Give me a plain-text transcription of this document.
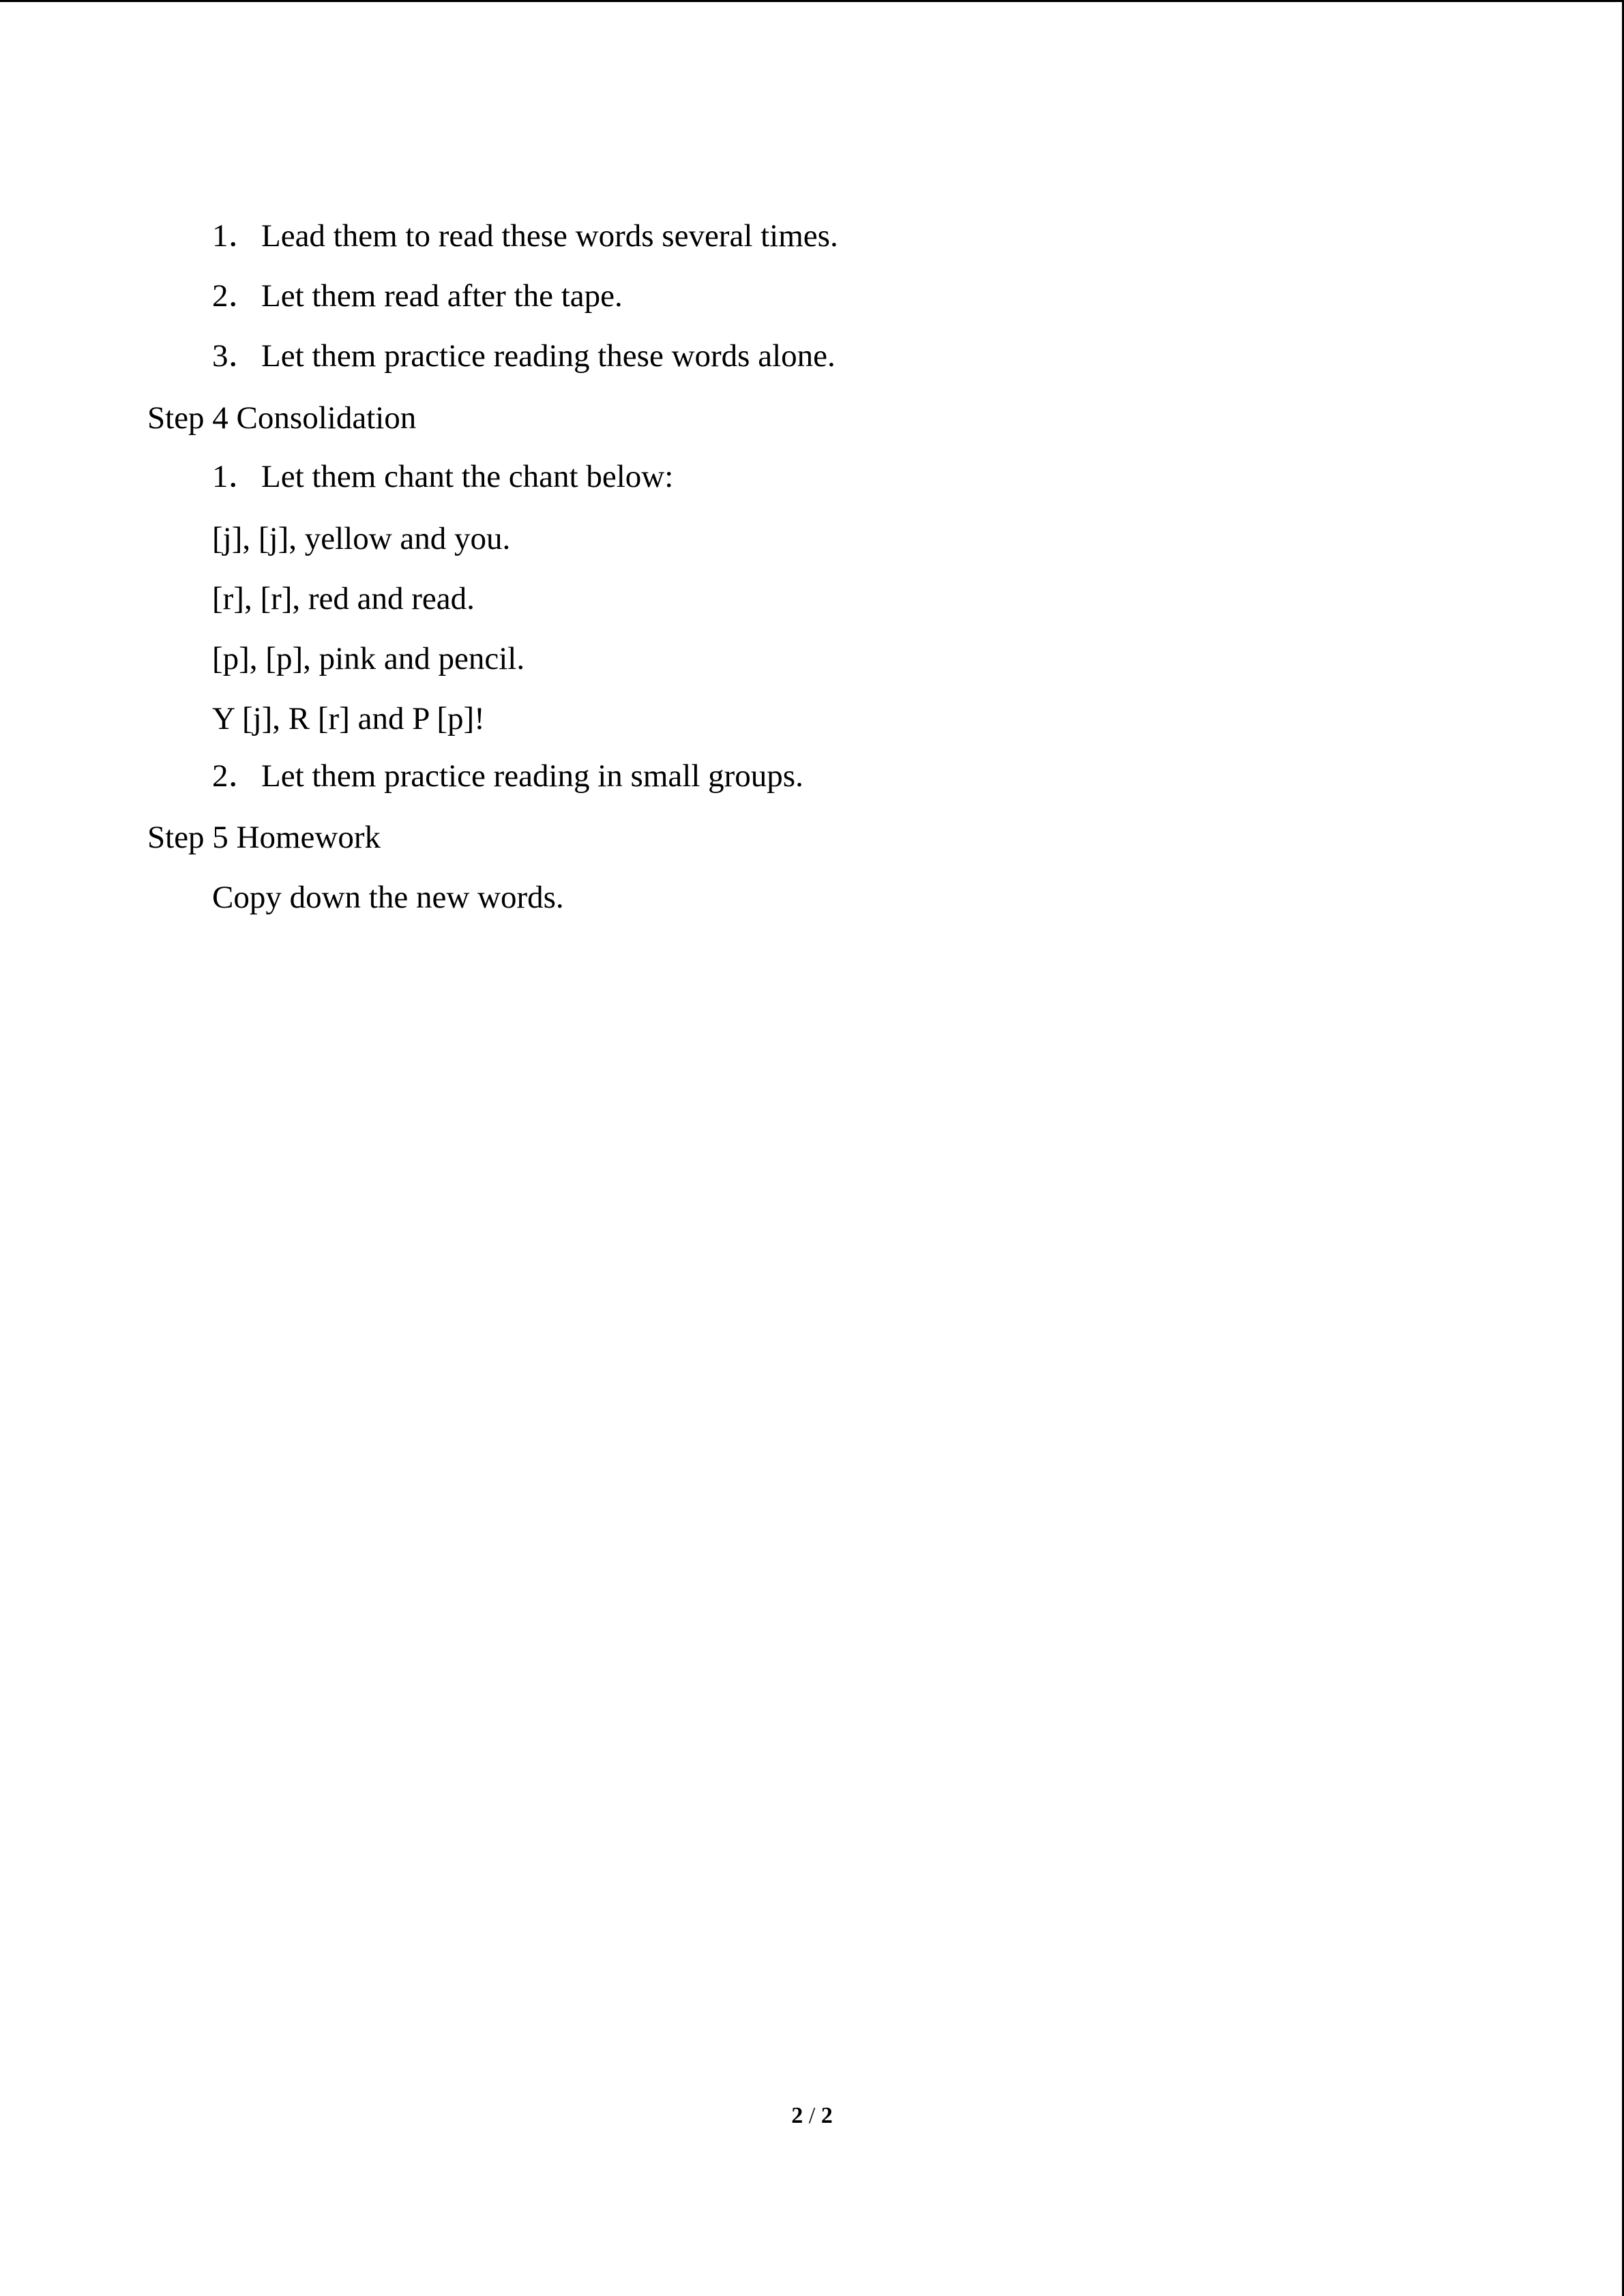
1．Lead them to read these words several times.
2．Let them read after the tape.
3．Let them practice reading these words alone.
Step 4 Consolidation
1．Let them chant the chant below:
[j], [j], yellow and you.
[r], [r], red and read.
[p], [p], pink and pencil.
Y [j], R [r] and P [p]!
2．Let them practice reading in small groups.
Step 5 Homework
Copy down the new words.
2 / 2
